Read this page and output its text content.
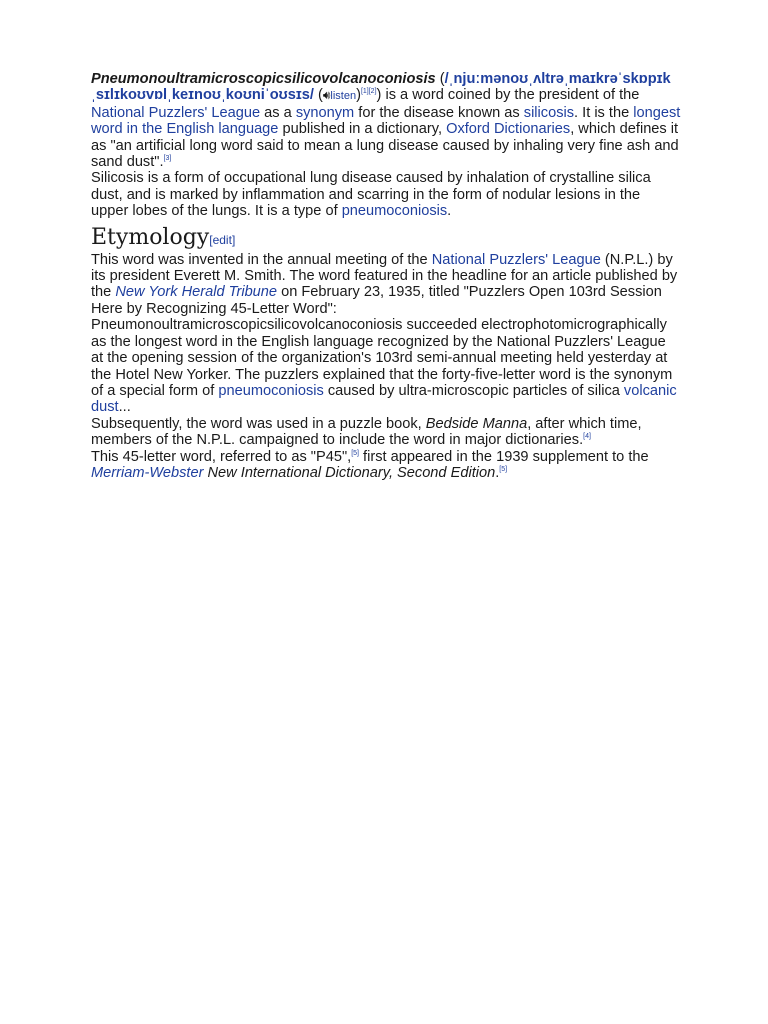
Pneumonoultramicroscopicsilicovolcanoconiosis (/ˌnjuːmənoʊˌʌltrəˌmaɪkrəˈskɒpɪkˌsɪlɪkoʊvɒlˌkeɪnoʊˌkoʊniˈoʊsɪs/ (🔊︎listen)[1][2]) is a word coined by the president of the National Puzzlers' League as a synonym for the disease known as silicosis. It is the longest word in the English language published in a dictionary, Oxford Dictionaries, which defines it as "an artificial long word said to mean a lung disease caused by inhaling very fine ash and sand dust".[3]

Silicosis is a form of occupational lung disease caused by inhalation of crystalline silica dust, and is marked by inflammation and scarring in the form of nodular lesions in the upper lobes of the lungs. It is a type of pneumoconiosis.

Etymology[edit]

This word was invented in the annual meeting of the National Puzzlers' League (N.P.L.) by its president Everett M. Smith. The word featured in the headline for an article published by the New York Herald Tribune on February 23, 1935, titled "Puzzlers Open 103rd Session Here by Recognizing 45-Letter Word":

Pneumonoultramicroscopicsilicovolcanoconiosis succeeded electrophotomicrographically as the longest word in the English language recognized by the National Puzzlers' League at the opening session of the organization's 103rd semi-annual meeting held yesterday at the Hotel New Yorker. The puzzlers explained that the forty-five-letter word is the synonym of a special form of pneumoconiosis caused by ultra-microscopic particles of silica volcanic dust...

Subsequently, the word was used in a puzzle book, Bedside Manna, after which time, members of the N.P.L. campaigned to include the word in major dictionaries.[4]

This 45-letter word, referred to as "P45",[5] first appeared in the 1939 supplement to the Merriam-Webster New International Dictionary, Second Edition.[5]
